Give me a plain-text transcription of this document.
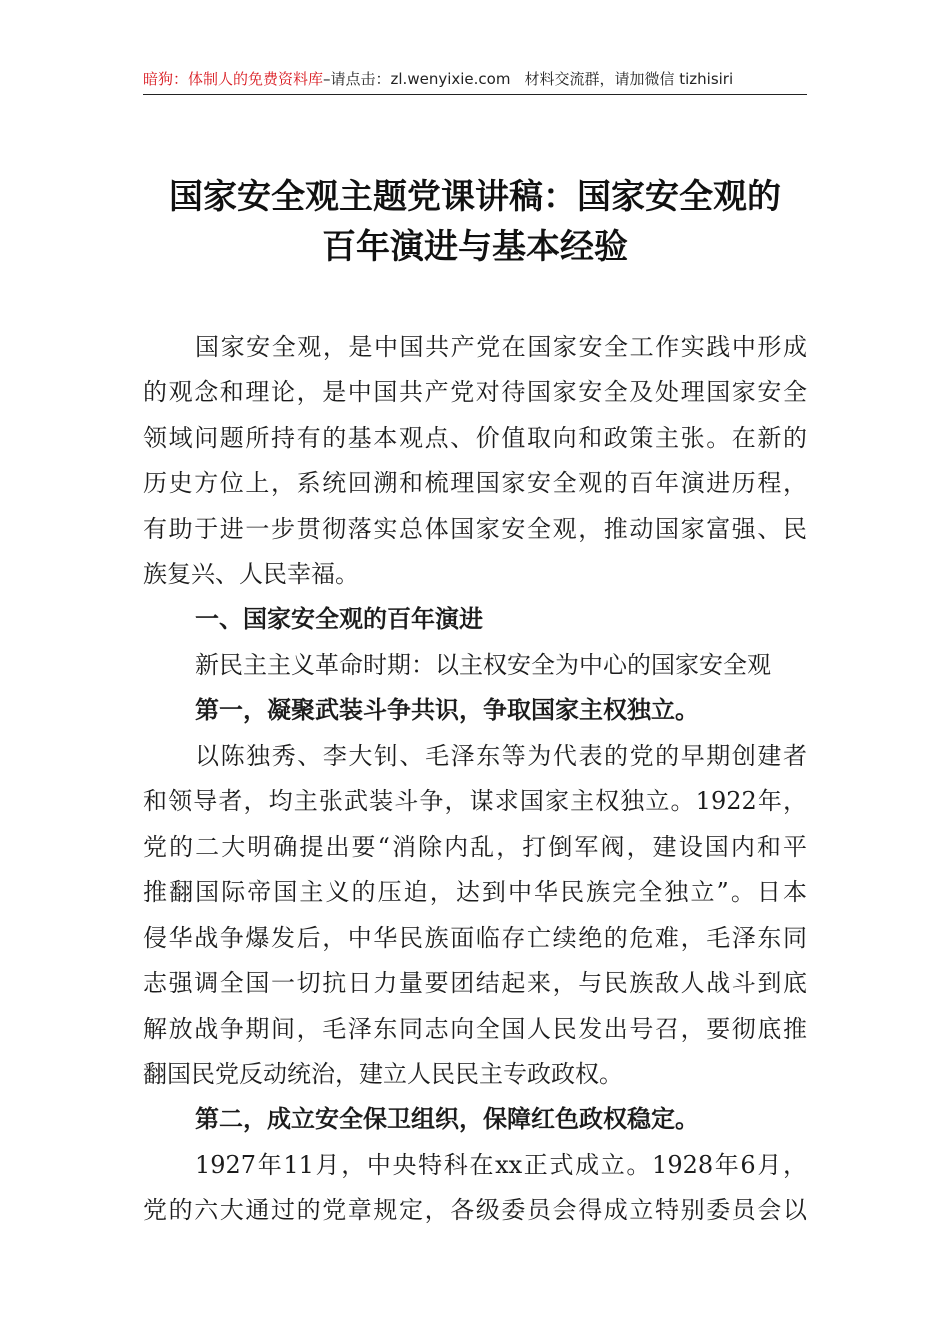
暗狗：体制人的免费资料库–请点击：zl.wenyixie.com 材料交流群，请加微信 tizhisiri
国家安全观主题党课讲稿：国家安全观的
百年演进与基本经验
国家安全观，是中国共产党在国家安全工作实践中形成
的观念和理论，是中国共产党对待国家安全及处理国家安全
领域问题所持有的基本观点、价值取向和政策主张。在新的
历史方位上，系统回溯和梳理国家安全观的百年演进历程，
有助于进一步贯彻落实总体国家安全观，推动国家富强、民
族复兴、人民幸福。
一、国家安全观的百年演进
新民主主义革命时期：以主权安全为中心的国家安全观
第一，凝聚武装斗争共识，争取国家主权独立。
以陈独秀、李大钊、毛泽东等为代表的党的早期创建者
和领导者，均主张武装斗争，谋求国家主权独立。1922年，
党的二大明确提出要“消除内乱，打倒军阀，建设国内和平
推翻国际帝国主义的压迫，达到中华民族完全独立”。日本
侵华战争爆发后，中华民族面临存亡续绝的危难，毛泽东同
志强调全国一切抗日力量要团结起来，与民族敌人战斗到底
解放战争期间，毛泽东同志向全国人民发出号召，要彻底推
翻国民党反动统治，建立人民民主专政政权。
第二，成立安全保卫组织，保障红色政权稳定。
1927年11月，中央特科在xx正式成立。1928年6月，
党的六大通过的党章规定，各级委员会得成立特别委员会以
